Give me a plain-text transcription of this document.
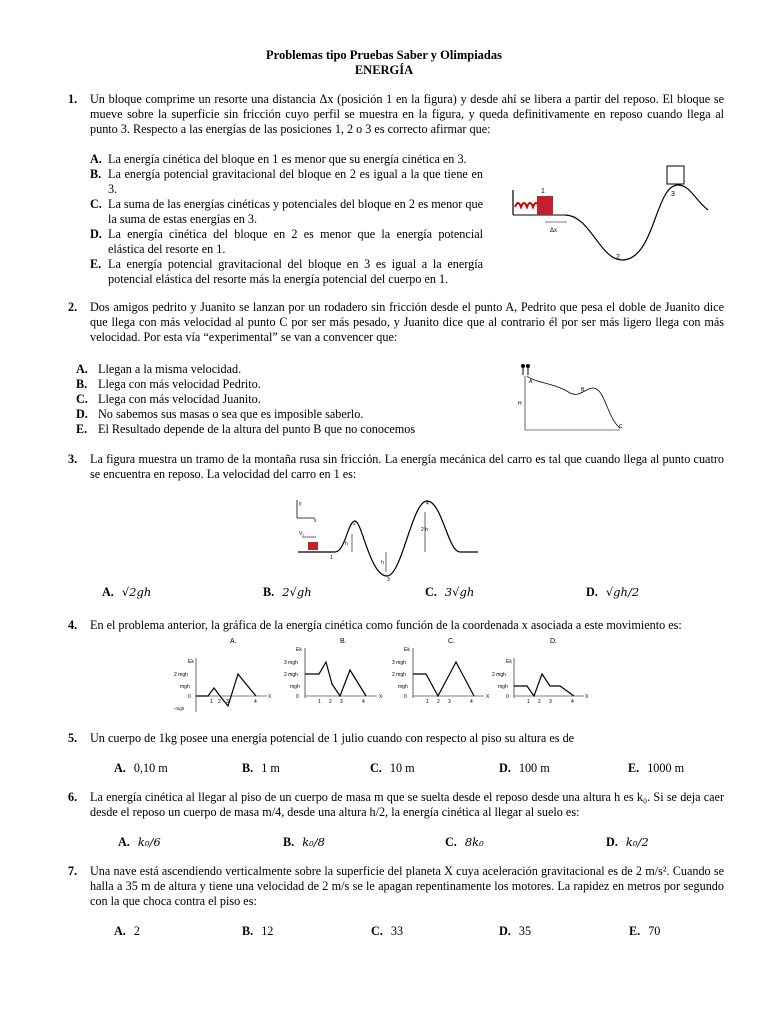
Problemas tipo Pruebas Saber y Olimpiadas
ENERGÍA
1. Un bloque comprime un resorte una distancia Δx (posición 1 en la figura) y desde ahí se libera a partir del reposo. El bloque se mueve sobre la superficie sin fricción cuyo perfil se muestra en la figura, y queda definitivamente en reposo cuando llega al punto 3. Respecto a las energías de las posiciones 1, 2 o 3 es correcto afirmar que:
A. La energía cinética del bloque en 1 es menor que su energía cinética en 3.
B. La energía potencial gravitacional del bloque en 2 es igual a la que tiene en 3.
C. La suma de las energías cinéticas y potenciales del bloque en 2 es menor que la suma de estas energías en 3.
D. La energía cinética del bloque en 2 es menor que la energía potencial elástica del resorte en 1.
E. La energía potencial gravitacional del bloque en 3 es igual a la energía potencial elástica del resorte más la energía potencial del cuerpo en 1.
1
2
3
Δx
2. Dos amigos pedrito y Juanito se lanzan por un rodadero sin fricción desde el punto A, Pedrito que pesa el doble de Juanito dice que llega con más velocidad al punto C por ser más pesado, y Juanito dice que al contrario él por ser más ligero llega con más velocidad. Por esta vía “experimental” se van a convencer que:
A. Llegan a la misma velocidad.
B. Llega con más velocidad Pedrito.
C. Llega con más velocidad Juanito.
D. No sabemos sus masas o sea que es imposible saberlo.
E. El Resultado depende de la altura del punto B que no conocemos
A
B
C
H
3. La figura muestra un tramo de la montaña rusa sin fricción. La energía mecánica del carro es tal que cuando llega al punto cuatro se encuentra en reposo. La velocidad del carro en 1 es:
y
x
V₁
1
2
h
3
h
4
2 h
A. √2gh	B. 2√gh	C. 3√gh	D. √gh/2
4. En el problema anterior, la gráfica de la energía cinética como función de la coordenada x asociada a este movimiento es:
A.
Ek
2 mgh
mgh
0
-mgh
1 2 3	4
X
B.
Ek
3 mgh
2 mgh
mgh
0
1 2 3	4
X
C.
Ek
3 mgh
2 mgh
mgh
0
1 2 3	4
X
D.
Ek
2 mgh
mgh
0
1 2 3	4
X
5. Un cuerpo de 1kg posee una energía potencial de 1 julio cuando con respecto al piso su altura es de
A. 0,10 m	B. 1 m	C. 10 m	D. 100 m	E. 1000 m
6. La energía cinética al llegar al piso de un cuerpo de masa m que se suelta desde el reposo desde una altura h es k₀. Si se deja caer desde el reposo un cuerpo de masa m/4, desde una altura h/2, la energía cinética al llegar al suelo es:
A. k₀/6	B. k₀/8	C. 8k₀	D. k₀/2
7. Una nave está ascendiendo verticalmente sobre la superficie del planeta X cuya aceleración gravitacional es de 2 m/s². Cuando se halla a 35 m de altura y tiene una velocidad de 2 m/s se le apagan repentinamente los motores. La rapidez en metros por segundo con la que choca contra el piso es:
A. 2	B. 12	C. 33	D. 35	E. 70
